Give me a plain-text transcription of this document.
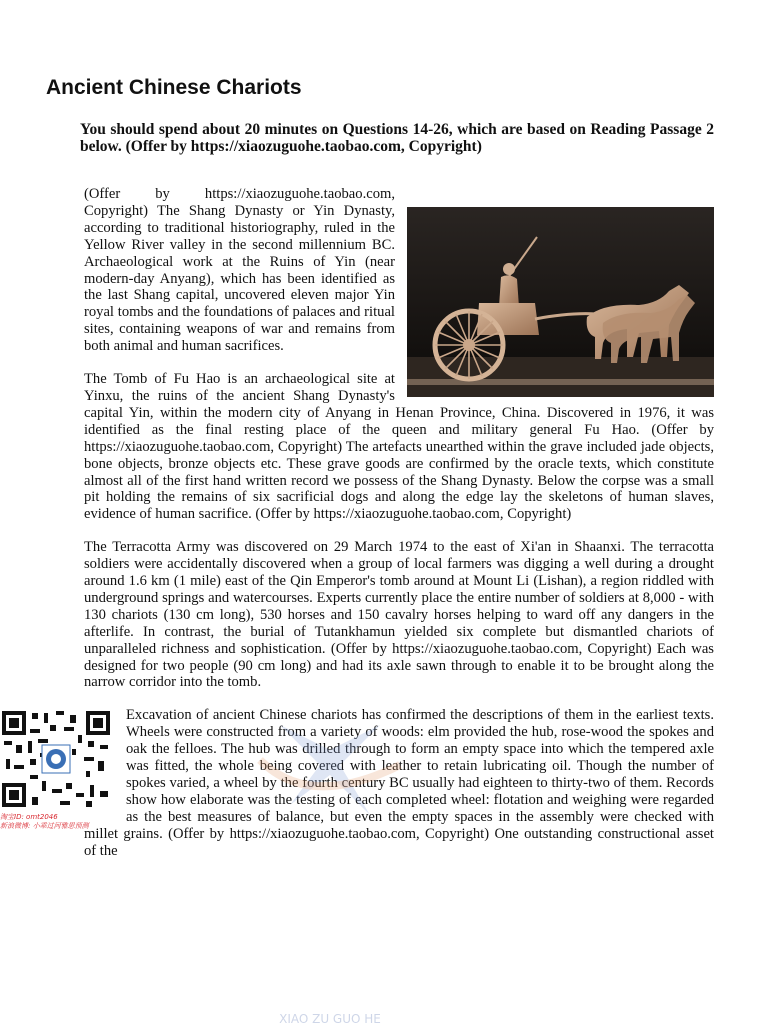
Ancient Chinese Chariots

You should spend about 20 minutes on Questions 14-26, which are based on Reading Passage 2 below. (Offer by https://xiaozuguohe.taobao.com, Copyright)

(Offer by https://xiaozuguohe.taobao.com, Copyright) The Shang Dynasty or Yin Dynasty, according to traditional historiography, ruled in the Yellow River valley in the second millennium BC. Archaeological work at the Ruins of Yin (near modern-day Anyang), which has been identified as the last Shang capital, uncovered eleven major Yin royal tombs and the foundations of palaces and ritual sites, containing weapons of war and remains from both animal and human sacrifices.

The Tomb of Fu Hao is an archaeological site at Yinxu, the ruins of the ancient Shang Dynasty's capital Yin, within the modern city of Anyang in Henan Province, China. Discovered in 1976, it was identified as the final resting place of the queen and military general Fu Hao. (Offer by https://xiaozuguohe.taobao.com, Copyright) The artefacts unearthed within the grave included jade objects, bone objects, bronze objects etc. These grave goods are confirmed by the oracle texts, which constitute almost all of the first hand written record we possess of the Shang Dynasty. Below the corpse was a small pit holding the remains of six sacrificial dogs and along the edge lay the skeletons of human slaves, evidence of human sacrifice. (Offer by https://xiaozuguohe.taobao.com, Copyright)

The Terracotta Army was discovered on 29 March 1974 to the east of Xi'an in Shaanxi. The terracotta soldiers were accidentally discovered when a group of local farmers was digging a well during a drought around 1.6 km (1 mile) east of the Qin Emperor's tomb around at Mount Li (Lishan), a region riddled with underground springs and watercourses. Experts currently place the entire number of soldiers at 8,000 - with 130 chariots (130 cm long), 530 horses and 150 cavalry horses helping to ward off any dangers in the afterlife. In contrast, the burial of Tutankhamun yielded six complete but dismantled chariots of unparalleled richness and sophistication. (Offer by https://xiaozuguohe.taobao.com, Copyright) Each was designed for two people (90 cm long) and had its axle sawn through to enable it to be brought along the narrow corridor into the tomb.

淘宝ID: omt2046
新浪微博: 小乖过河雅思预测
Excavation of ancient Chinese chariots has confirmed the descriptions of them in the earliest texts. Wheels were constructed from a variety of woods: elm provided the hub, rose-wood the spokes and oak the felloes. The hub was drilled through to form an empty space into which the tempered axle was fitted, the whole being covered with leather to retain lubricating oil. Though the number of spokes varied, a wheel by the fourth century BC usually had eighteen to thirty-two of them. Records show how elaborate was the testing of each completed wheel: flotation and weighing were regarded as the best measures of balance, but even the empty spaces in the assembly were checked with millet grains. (Offer by https://xiaozuguohe.taobao.com, Copyright) One outstanding constructional asset of the

XIAO ZU GUO HE
